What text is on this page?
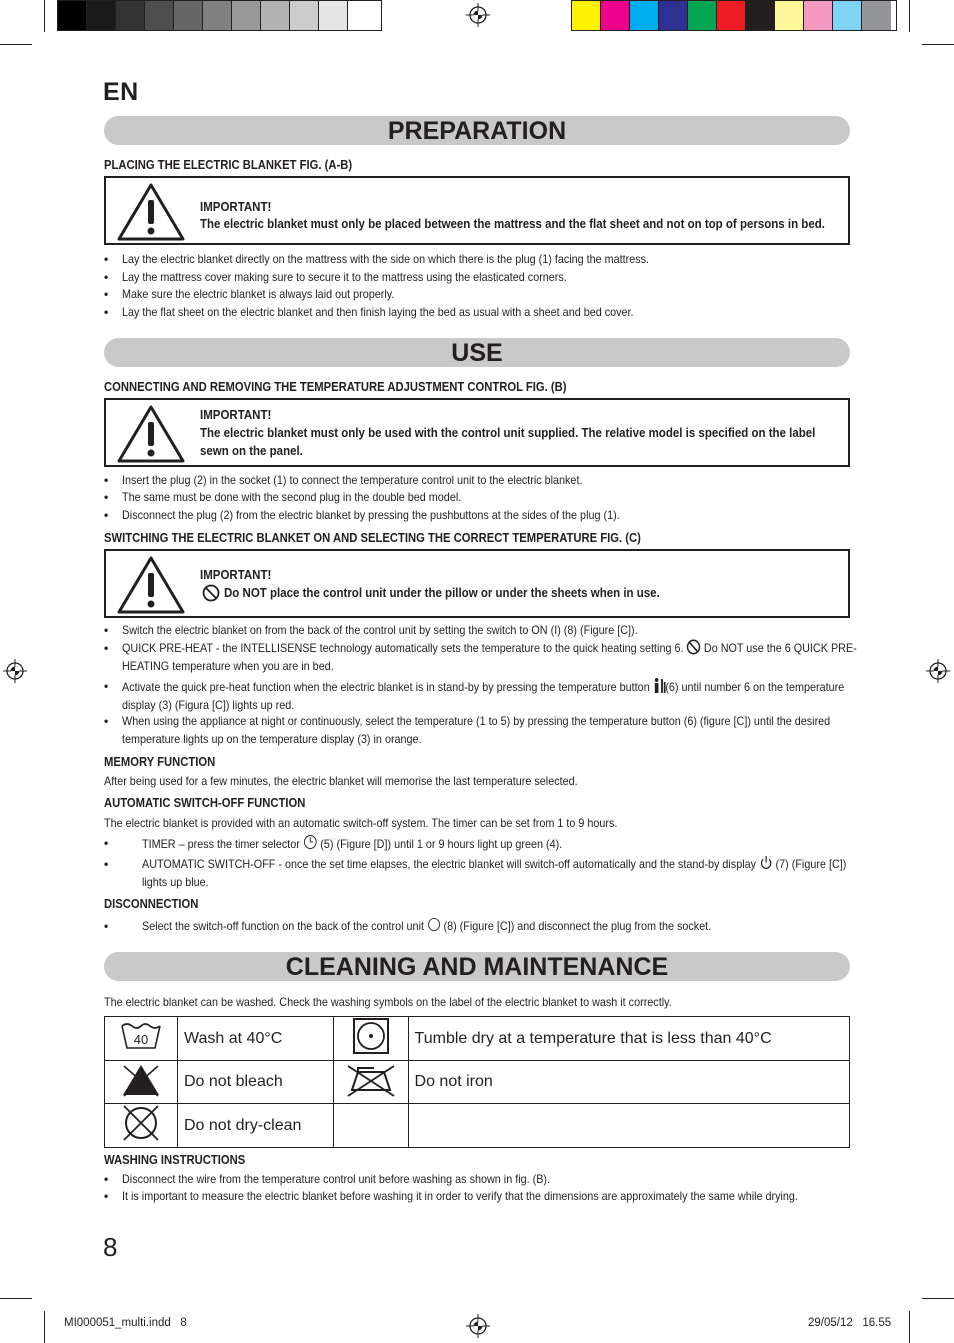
EN
PREPARATION
PLACING THE ELECTRIC BLANKET FIG. (A-B)
IMPORTANT!
The electric blanket must only be placed between the mattress and the flat sheet and not on top of persons in bed.
• Lay the electric blanket directly on the mattress with the side on which there is the plug (1) facing the mattress.
• Lay the mattress cover making sure to secure it to the mattress using the elasticated corners.
• Make sure the electric blanket is always laid out properly.
• Lay the flat sheet on the electric blanket and then finish laying the bed as usual with a sheet and bed cover.
USE
CONNECTING AND REMOVING THE TEMPERATURE ADJUSTMENT CONTROL FIG. (B)
IMPORTANT!
The electric blanket must only be used with the control unit supplied. The relative model is specified on the label sewn on the panel.
• Insert the plug (2) in the socket (1) to connect the temperature control unit to the electric blanket.
• The same must be done with the second plug in the double bed model.
• Disconnect the plug (2) from the electric blanket by pressing the pushbuttons at the sides of the plug (1).
SWITCHING THE ELECTRIC BLANKET ON AND SELECTING THE CORRECT TEMPERATURE FIG. (C)
IMPORTANT!
Do NOT place the control unit under the pillow or under the sheets when in use.
• Switch the electric blanket on from the back of the control unit by setting the switch to ON (I) (8) (Figure [C]).
• QUICK PRE-HEAT - the INTELLISENSE technology automatically sets the temperature to the quick heating setting 6. Do NOT use the 6 QUICK PRE-HEATING temperature when you are in bed.
• Activate the quick pre-heat function when the electric blanket is in stand-by by pressing the temperature button (6) until number 6 on the temperature display (3) (Figura [C]) lights up red.
• When using the appliance at night or continuously, select the temperature (1 to 5) by pressing the temperature button (6) (figure [C]) until the desired temperature lights up on the temperature display (3) in orange.
MEMORY FUNCTION
After being used for a few minutes, the electric blanket will memorise the last temperature selected.
AUTOMATIC SWITCH-OFF FUNCTION
The electric blanket is provided with an automatic switch-off system. The timer can be set from 1 to 9 hours.
•	TIMER – press the timer selector (5) (Figure [D]) until 1 or 9 hours light up green (4).
•	AUTOMATIC SWITCH-OFF - once the set time elapses, the electric blanket will switch-off automatically and the stand-by display (7) (Figure [C]) lights up blue.
DISCONNECTION
•	Select the switch-off function on the back of the control unit (8) (Figure [C]) and disconnect the plug from the socket.
CLEANING AND MAINTENANCE
The electric blanket can be washed. Check the washing symbols on the label of the electric blanket to wash it correctly.
40	Wash at 40°C		Tumble dry at a temperature that is less than 40°C
	Do not bleach		Do not iron
	Do not dry-clean		
WASHING INSTRUCTIONS
• Disconnect the wire from the temperature control unit before washing as shown in fig. (B).
• It is important to measure the electric blanket before washing it in order to verify that the dimensions are approximately the same while drying.
8
MI000051_multi.indd   8	29/05/12   16.55
